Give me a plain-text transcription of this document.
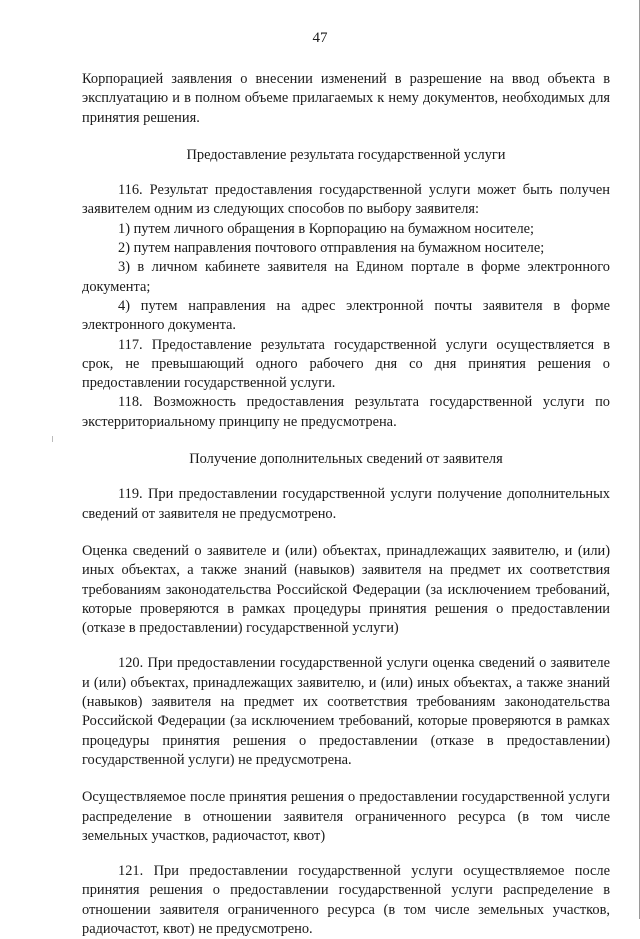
47

Корпорацией заявления о внесении изменений в разрешение на ввод объекта в эксплуатацию и в полном объеме прилагаемых к нему документов, необходимых для принятия решения.

Предоставление результата государственной услуги

116. Результат предоставления государственной услуги может быть получен заявителем одним из следующих способов по выбору заявителя:

1) путем личного обращения в Корпорацию на бумажном носителе;

2) путем направления почтового отправления на бумажном носителе;

3) в личном кабинете заявителя на Едином портале в форме электронного документа;

4) путем направления на адрес электронной почты заявителя в форме электронного документа.

117. Предоставление результата государственной услуги осуществляется в срок, не превышающий одного рабочего дня со дня принятия решения о предоставлении государственной услуги.

118. Возможность предоставления результата государственной услуги по экстерриториальному принципу не предусмотрена.

Получение дополнительных сведений от заявителя

119. При предоставлении государственной услуги получение дополнительных сведений от заявителя не предусмотрено.

Оценка сведений о заявителе и (или) объектах, принадлежащих заявителю, и (или) иных объектах, а также знаний (навыков) заявителя на предмет их соответствия требованиям законодательства Российской Федерации (за исключением требований, которые проверяются в рамках процедуры принятия решения о предоставлении (отказе в предоставлении) государственной услуги)

120. При предоставлении государственной услуги оценка сведений о заявителе и (или) объектах, принадлежащих заявителю, и (или) иных объектах, а также знаний (навыков) заявителя на предмет их соответствия требованиям законодательства Российской Федерации (за исключением требований, которые проверяются в рамках процедуры принятия решения о предоставлении (отказе в предоставлении) государственной услуги) не предусмотрена.

Осуществляемое после принятия решения о предоставлении государственной услуги распределение в отношении заявителя ограниченного ресурса (в том числе земельных участков, радиочастот, квот)

121. При предоставлении государственной услуги осуществляемое после принятия решения о предоставлении государственной услуги распределение в отношении заявителя ограниченного ресурса (в том числе земельных участков, радиочастот, квот) не предусмотрено.
